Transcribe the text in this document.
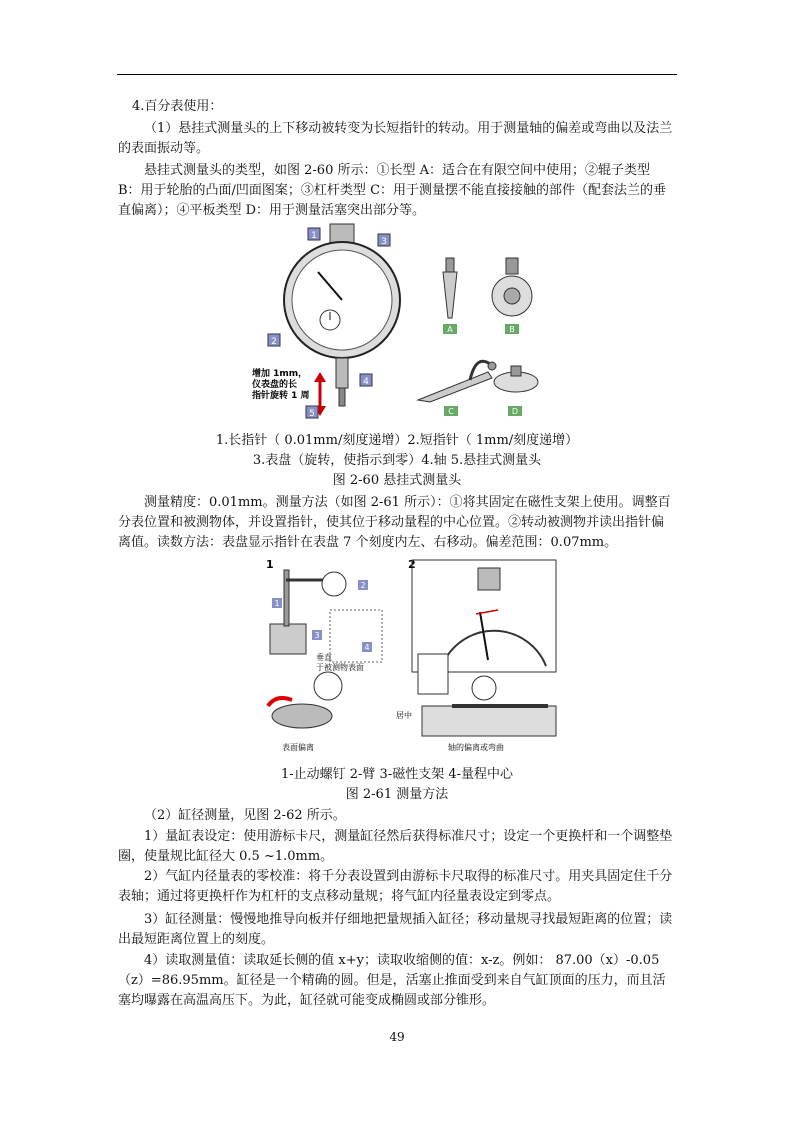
4.百分表使用：

（1）悬挂式测量头的上下移动被转变为长短指针的转动。用于测量轴的偏差或弯曲以及法兰的表面振动等。

悬挂式测量头的类型，如图 2-60 所示：①长型 A：适合在有限空间中使用；②辊子类型 B：用于轮胎的凸面/凹面图案；③杠杆类型 C：用于测量摆不能直接接触的部件（配套法兰的垂直偏离）；④平板类型 D：用于测量活塞突出部分等。

1
2
3
4
5
增加 1mm，
仪表盘的长
指针旋转 1 周
A	B
C	D
1.长指针（ 0.01mm/刻度递增）2.短指针（ 1mm/刻度递增）
3.表盘（旋转，使指示到零）4.轴 5.悬挂式测量头
图 2-60 悬挂式测量头

测量精度：0.01mm。测量方法（如图 2-61 所示）：①将其固定在磁性支架上使用。调整百分表位置和被测物体，并设置指针，使其位于移动量程的中心位置。②转动被测物并读出指针偏离值。读数方法：表盘显示指针在表盘 7 个刻度内左、右移动。偏差范围：0.07mm。

1	2
1
2
3
4
垂直
于被测物表面
表面偏离
居中
轴的偏离或弯曲
1-止动螺钉 2-臂 3-磁性支架 4-量程中心
图 2-61 测量方法

（2）缸径测量，见图 2-62 所示。

1）量缸表设定：使用游标卡尺，测量缸径然后获得标准尺寸；设定一个更换杆和一个调整垫圈，使量规比缸径大 0.5 ~1.0mm。

2）气缸内径量表的零校准：将千分表设置到由游标卡尺取得的标准尺寸。用夹具固定住千分表轴；通过将更换杆作为杠杆的支点移动量规；将气缸内径量表设定到零点。

3）缸径测量：慢慢地推导向板并仔细地把量规插入缸径；移动量规寻找最短距离的位置；读出最短距离位置上的刻度。

4）读取测量值：读取延长侧的值 x+y；读取收缩侧的值：x-z。例如： 87.00（x）-0.05（z）=86.95mm。缸径是一个精确的圆。但是，活塞止推面受到来自气缸顶面的压力，而且活塞均曝露在高温高压下。为此，缸径就可能变成椭圆或部分锥形。

49
